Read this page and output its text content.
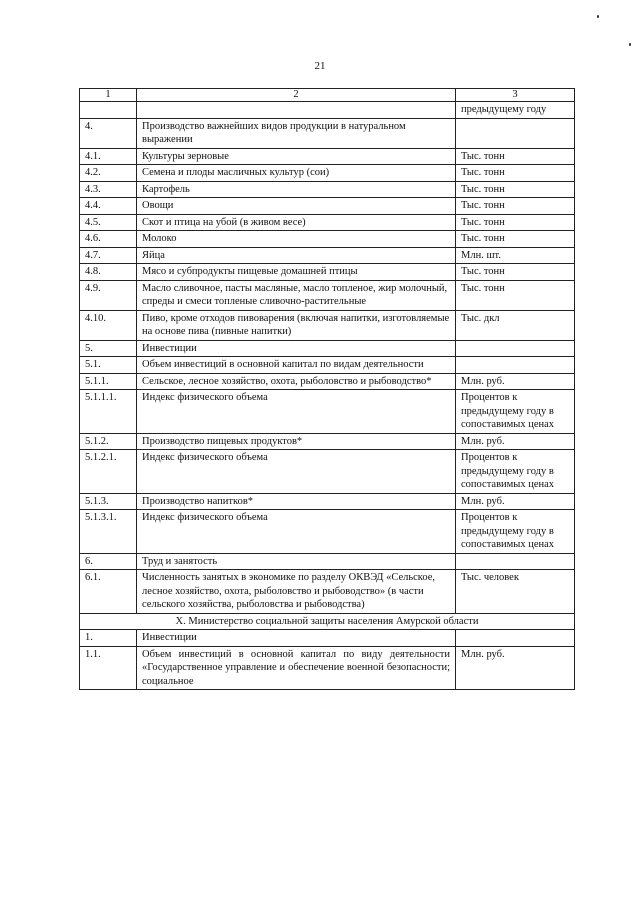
21
1	2	3
		предыдущему году
4.	Производство важнейших видов продукции в натуральном выражении	
4.1.	Культуры зерновые	Тыс. тонн
4.2.	Семена и плоды масличных культур (сои)	Тыс. тонн
4.3.	Картофель	Тыс. тонн
4.4.	Овощи	Тыс. тонн
4.5.	Скот и птица на убой (в живом весе)	Тыс. тонн
4.6.	Молоко	Тыс. тонн
4.7.	Яйца	Млн. шт.
4.8.	Мясо и субпродукты пищевые домашней птицы	Тыс. тонн
4.9.	Масло сливочное, пасты масляные, масло топленое, жир молочный, спреды и смеси топленые сливочно-растительные	Тыс. тонн
4.10.	Пиво, кроме отходов пивоварения (включая напитки, изготовляемые на основе пива (пивные напитки)	Тыс. дкл
5.	Инвестиции	
5.1.	Объем инвестиций в основной капитал по видам деятельности	
5.1.1.	Сельское, лесное хозяйство, охота, рыболовство и рыбоводство*	Млн. руб.
5.1.1.1.	Индекс физического объема	Процентов к предыдущему году в сопоставимых ценах
5.1.2.	Производство пищевых продуктов*	Млн. руб.
5.1.2.1.	Индекс физического объема	Процентов к предыдущему году в сопоставимых ценах
5.1.3.	Производство напитков*	Млн. руб.
5.1.3.1.	Индекс физического объема	Процентов к предыдущему году в сопоставимых ценах
6.	Труд и занятость	
6.1.	Численность занятых в экономике по разделу ОКВЭД «Сельское, лесное хозяйство, охота, рыболовство и рыбоводство» (в части сельского хозяйства, рыболовства и рыбоводства)	Тыс. человек
X. Министерство социальной защиты населения Амурской области		
1.	Инвестиции	
1.1.	Объем инвестиций в основной капитал по виду деятельности «Государственное управление и обеспечение военной безопасности; социальное	Млн. руб.
